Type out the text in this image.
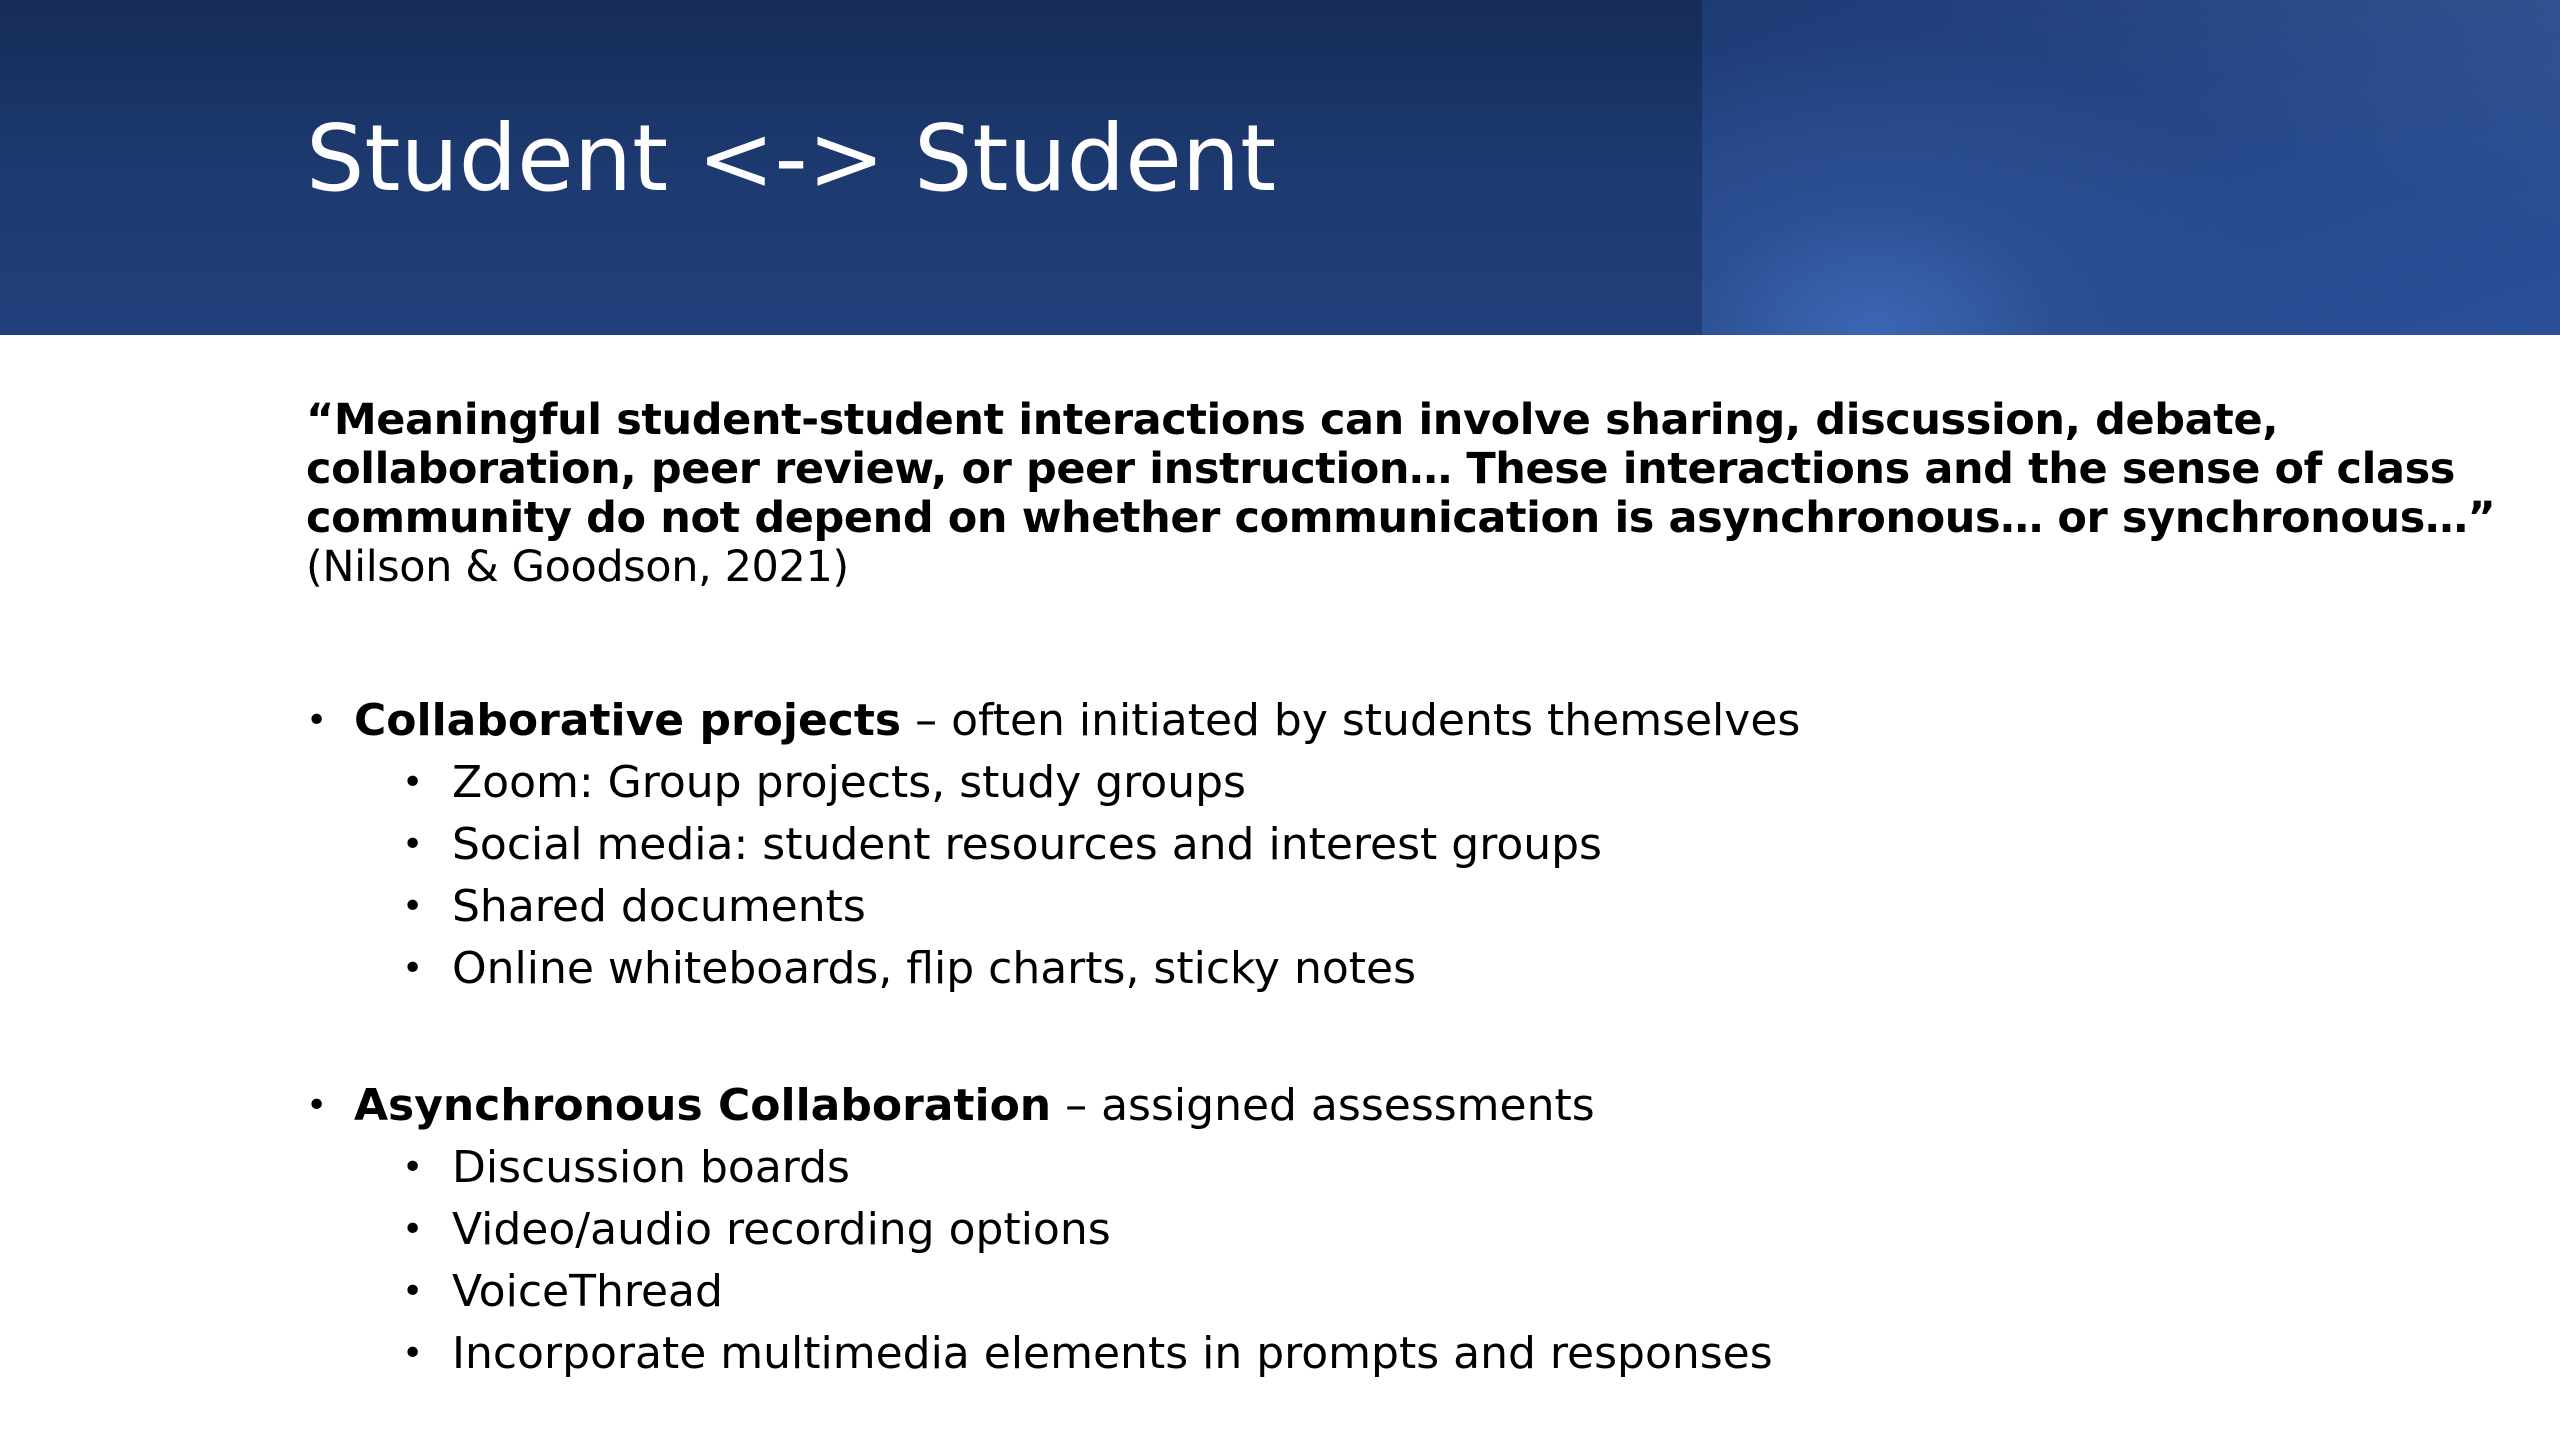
Student <-> Student
“Meaningful student-student interactions can involve sharing, discussion, debate,
collaboration, peer review, or peer instruction… These interactions and the sense of class
community do not depend on whether communication is asynchronous… or synchronous…”
(Nilson & Goodson, 2021)
• Collaborative projects – often initiated by students themselves
• Zoom: Group projects, study groups
• Social media: student resources and interest groups
• Shared documents
• Online whiteboards, flip charts, sticky notes
• Asynchronous Collaboration – assigned assessments
• Discussion boards
• Video/audio recording options
• VoiceThread
• Incorporate multimedia elements in prompts and responses
